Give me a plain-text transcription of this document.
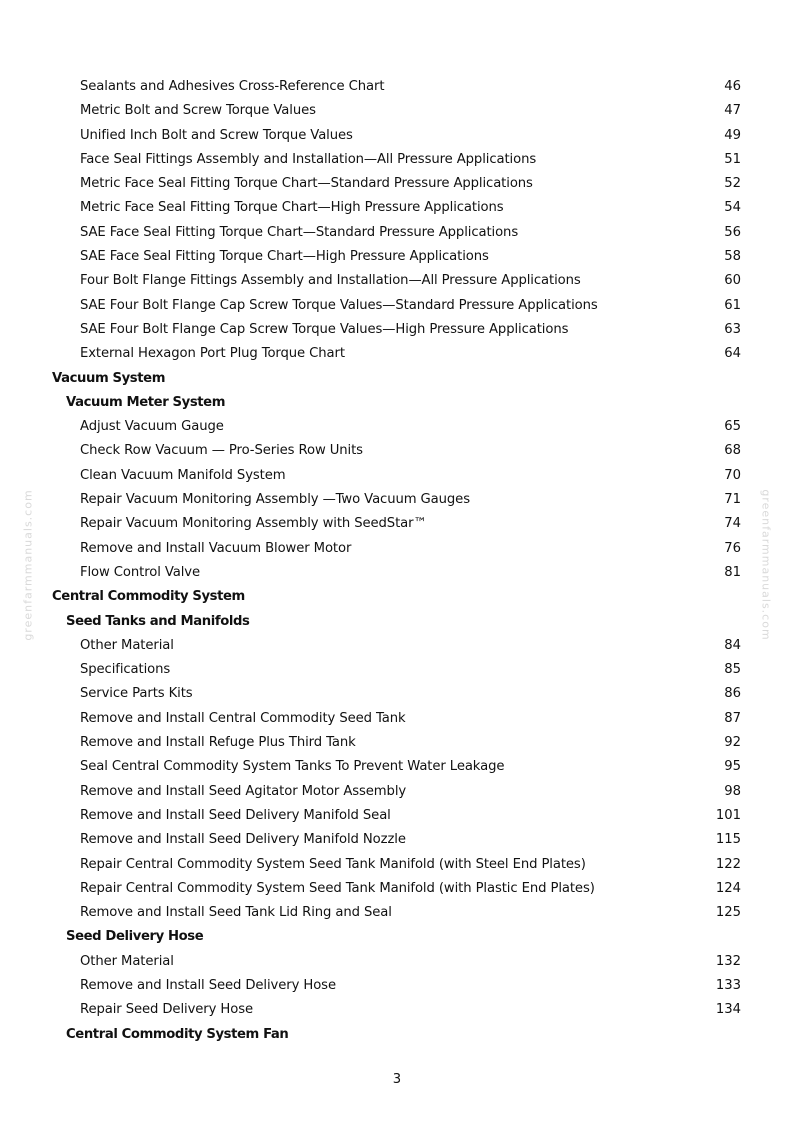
greenfarmmanuals.com	greenfarmmanuals.com
Sealants and Adhesives Cross-Reference Chart	46
Metric Bolt and Screw Torque Values	47
Unified Inch Bolt and Screw Torque Values	49
Face Seal Fittings Assembly and Installation—All Pressure Applications	51
Metric Face Seal Fitting Torque Chart—Standard Pressure Applications	52
Metric Face Seal Fitting Torque Chart—High Pressure Applications	54
SAE Face Seal Fitting Torque Chart—Standard Pressure Applications	56
SAE Face Seal Fitting Torque Chart—High Pressure Applications	58
Four Bolt Flange Fittings Assembly and Installation—All Pressure Applications	60
SAE Four Bolt Flange Cap Screw Torque Values—Standard Pressure Applications	61
SAE Four Bolt Flange Cap Screw Torque Values—High Pressure Applications	63
External Hexagon Port Plug Torque Chart	64
Vacuum System
Vacuum Meter System
Adjust Vacuum Gauge	65
Check Row Vacuum — Pro-Series Row Units	68
Clean Vacuum Manifold System	70
Repair Vacuum Monitoring Assembly —Two Vacuum Gauges	71
Repair Vacuum Monitoring Assembly with SeedStar™	74
Remove and Install Vacuum Blower Motor	76
Flow Control Valve	81
Central Commodity System
Seed Tanks and Manifolds
Other Material	84
Specifications	85
Service Parts Kits	86
Remove and Install Central Commodity Seed Tank	87
Remove and Install Refuge Plus Third Tank	92
Seal Central Commodity System Tanks To Prevent Water Leakage	95
Remove and Install Seed Agitator Motor Assembly	98
Remove and Install Seed Delivery Manifold Seal	101
Remove and Install Seed Delivery Manifold Nozzle	115
Repair Central Commodity System Seed Tank Manifold (with Steel End Plates)	122
Repair Central Commodity System Seed Tank Manifold (with Plastic End Plates)	124
Remove and Install Seed Tank Lid Ring and Seal	125
Seed Delivery Hose
Other Material	132
Remove and Install Seed Delivery Hose	133
Repair Seed Delivery Hose	134
Central Commodity System Fan
3
